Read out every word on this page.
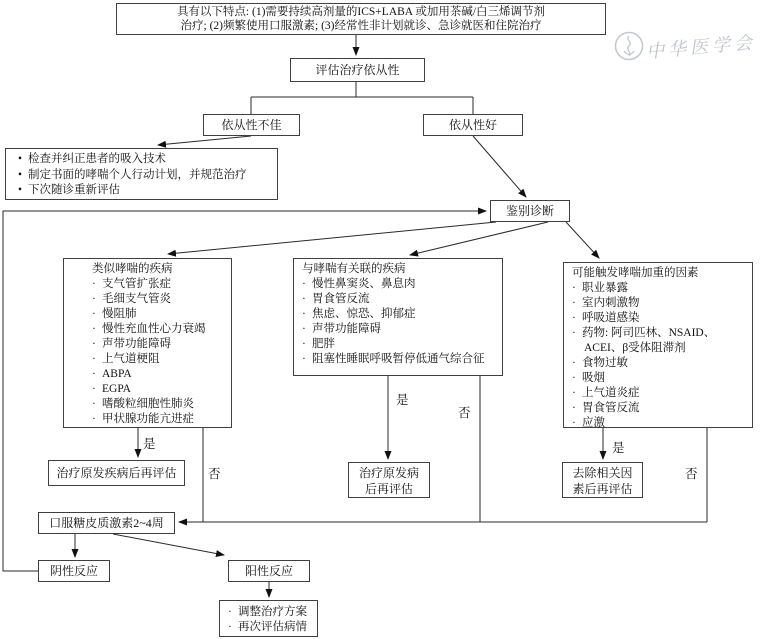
中华医学会
具有以下特点: (1)需要持续高剂量的ICS+LABA 或加用茶碱/白三烯调节剂
治疗; (2)频繁使用口服激素; (3)经常性非计划就诊、急诊就医和住院治疗
评估治疗依从性
依从性不佳	依从性好
• 检查并纠正患者的吸入技术
• 制定书面的哮喘个人行动计划，并规范治疗
• 下次随诊重新评估
鉴别诊断
类似哮喘的疾病
· 支气管扩张症
· 毛细支气管炎
· 慢阻肺
· 慢性充血性心力衰竭
· 声带功能障碍
· 上气道梗阻
· ABPA
· EGPA
· 嗜酸粒细胞性肺炎
· 甲状腺功能亢进症
与哮喘有关联的疾病
· 慢性鼻窦炎、鼻息肉
· 胃食管反流
· 焦虑、惊恐、抑郁症
· 声带功能障碍
· 肥胖
· 阻塞性睡眠呼吸暂停低通气综合征
可能触发哮喘加重的因素
· 职业暴露
· 室内刺激物
· 呼吸道感染
· 药物: 阿司匹林、NSAID、ACEI、β受体阻滞剂
· 食物过敏
· 吸烟
· 上气道炎症
· 胃食管反流
· 应激
治疗原发疾病后再评估	治疗原发病
后再评估
去除相关因
素后再评估
口服糖皮质激素2~4周
阴性反应	阳性反应
· 调整治疗方案
· 再次评估病情
是
否
是
否
是
否
